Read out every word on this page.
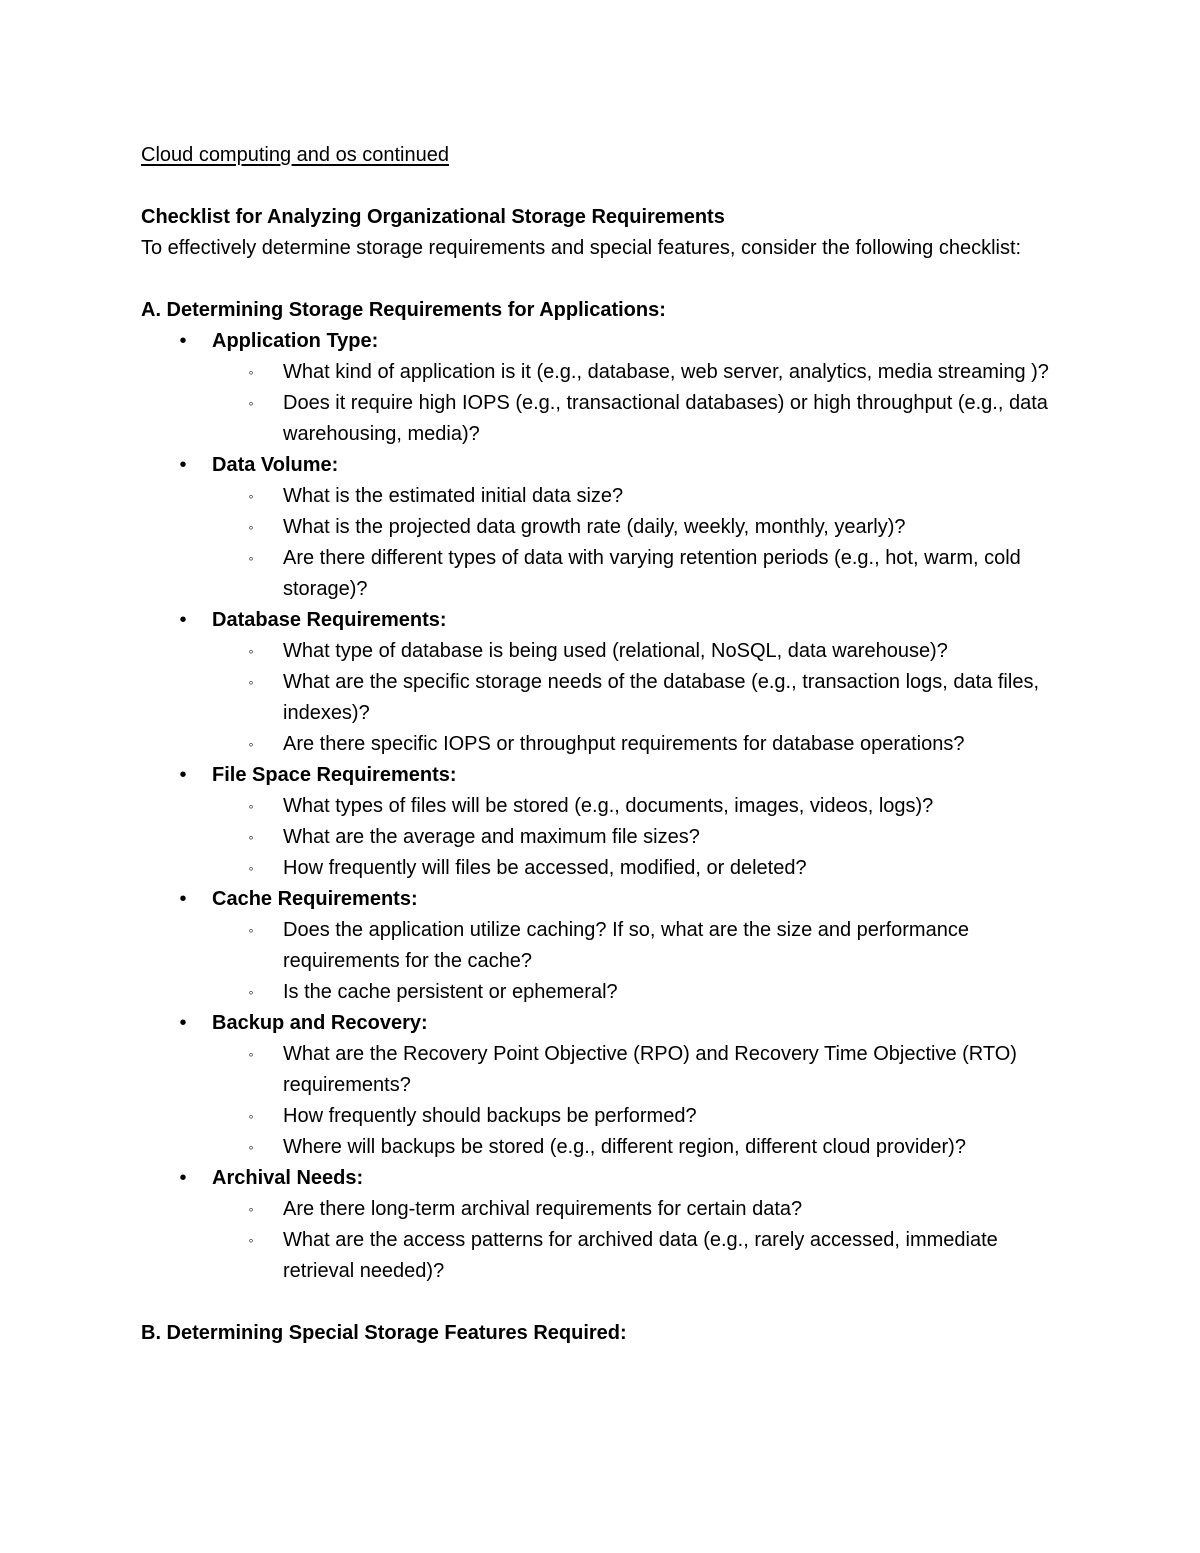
Cloud computing and os continued

Checklist for Analyzing Organizational Storage Requirements

To effectively determine storage requirements and special features, consider the following checklist:

A. Determining Storage Requirements for Applications:

• Application Type:
◦ What kind of application is it (e.g., database, web server, analytics, media streaming )?
◦ Does it require high IOPS (e.g., transactional databases) or high throughput (e.g., data warehousing, media)?
• Data Volume:
◦ What is the estimated initial data size?
◦ What is the projected data growth rate (daily, weekly, monthly, yearly)?
◦ Are there different types of data with varying retention periods (e.g., hot, warm, cold storage)?
• Database Requirements:
◦ What type of database is being used (relational, NoSQL, data warehouse)?
◦ What are the specific storage needs of the database (e.g., transaction logs, data files, indexes)?
◦ Are there specific IOPS or throughput requirements for database operations?
• File Space Requirements:
◦ What types of files will be stored (e.g., documents, images, videos, logs)?
◦ What are the average and maximum file sizes?
◦ How frequently will files be accessed, modified, or deleted?
• Cache Requirements:
◦ Does the application utilize caching? If so, what are the size and performance requirements for the cache?
◦ Is the cache persistent or ephemeral?
• Backup and Recovery:
◦ What are the Recovery Point Objective (RPO) and Recovery Time Objective (RTO) requirements?
◦ How frequently should backups be performed?
◦ Where will backups be stored (e.g., different region, different cloud provider)?
• Archival Needs:
◦ Are there long-term archival requirements for certain data?
◦ What are the access patterns for archived data (e.g., rarely accessed, immediate retrieval needed)?

B. Determining Special Storage Features Required:
